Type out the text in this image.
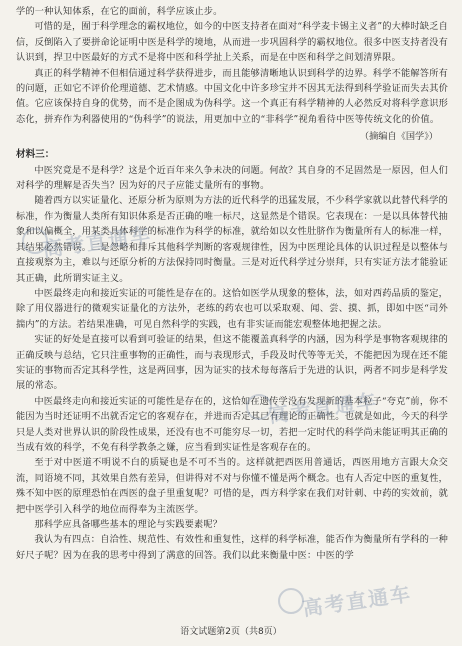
学的一种认知体系，在它的面前，科学应该止步。

可惜的是，囿于科学理念的霸权地位，如今的中医支持者在面对“科学麦卡锡主义者”的大棒时缺乏自信，反倒陷入了要拼命论证明中医是科学的境地，从而进一步巩固科学的霸权地位。很多中医支持者没有认识到，捍卫中医最好的方式不是将中医和科学扯上关系，而是在中医和科学之间划清界限。

真正的科学精神不但相信通过科学获得进步，而且能够清晰地认识到科学的边界。科学不能解答所有的问题，正如它不评价伦理道德、艺术情感。中国文化中许多珍宝并不因其无法得到科学验证而失去其价值。它应该保持自身的优势，而不是企图成为伪科学。这一个真正有科学精神的人必然反对将科学意识形态化，拼弃作为利器使用的“伪科学”的说法，用更加中立的“非科学”视角看待中医等传统文化的价值。

（摘编自《国学》）
材料三：

中医究竟是不是科学？这是个近百年来久争未决的问题。何故？其自身的不足固然是一原因，但人们对科学的理解是否失当？因为好的尺子应能丈量所有的事物。

随着西方以实证量化、还原分析为原则为方法的近代科学的迅猛发展，不少科学家就以此替代科学的标准，作为衡量人类所有知识体系是否正确的唯一标尺，这显然是个错误。它表现在：一是以具体替代抽象和以偏概全，用某类具体科学的标准作为科学的标准，就给如以女性肚脐作为衡量所有人的标准一样，其结果必然错误。二是忽略和排斥其他科学判断的客观规律性，因为中医理论具体的认识过程是以整体与直接观察为主，难以与还原分析的方法保持同时衡量。三是对近代科学过分崇拜，只有实证方法才能验证其正确，此所谓实证主义。

中医最终走向和接近实证的可能性是存在的。这恰如医学从现象的整体，法，如对西药品质的鉴定，除了用仪器进行的微观实证量化的方法外，老练的药农也可以采取观、闻、尝、摸、抓，即如中医“司外揣内”的方法。若结果准确，可见自然科学的实践，也有非实证而能宏观整体地把握之法。

实证的好处是直接可以看到可验证的结果，但这不能覆盖真科学的内涵，因为科学是事物客观规律的正确反映与总结，它只注重事物的正确性，而与表现形式，手段及时代等等无关，不能把因为现在还不能实证的事物而否定其科学性，这是两回事，因为证实的技术每每落后于先进的认识，两者不同步是科学发展的常态。

中医最终走向和接近实证的可能性是存在的，这恰如在遗传学没有发现新的基本粒子“夸克”前，你不能因为当时还证明不出就否定它的客观存在，并进而否定其已有理论的正确性。也就是如此，今天的科学只是人类对世界认识的阶段性成果，还没有也不可能穷尽一切，若把一定时代的科学尚未能证明其正确的当成有效的科学，不免有科学教条之嫌，应当看到实证性是客观存在的。

至于对中医道不明说不白的质疑也是不可不当的。这样就把西医用普通话，西医用地方言跟大众交流，同语境不同，其效果自然有差异，但讲得对不对与你懂不懂是两个概念。也有人否定中医的重复性，殊不知中医的原理恐怕在西医的盘子里重复呢？可惜的是，西方科学家在我们对针刺、中药的实效前，就把中医学引入科学的地位而得奉为主流医学。

那科学应具备哪些基本的理论与实践要素呢？

我认为有四点：自洽性、规范性、有效性和重复性，这样的科学标准，能否作为衡量所有学科的一种好尺子呢？因为在我的思考中得到了满意的回答。我们以此来衡量中医：中医的学

高考直通车
高考直通车
高考直通车
语文试题第2页（共8页）
